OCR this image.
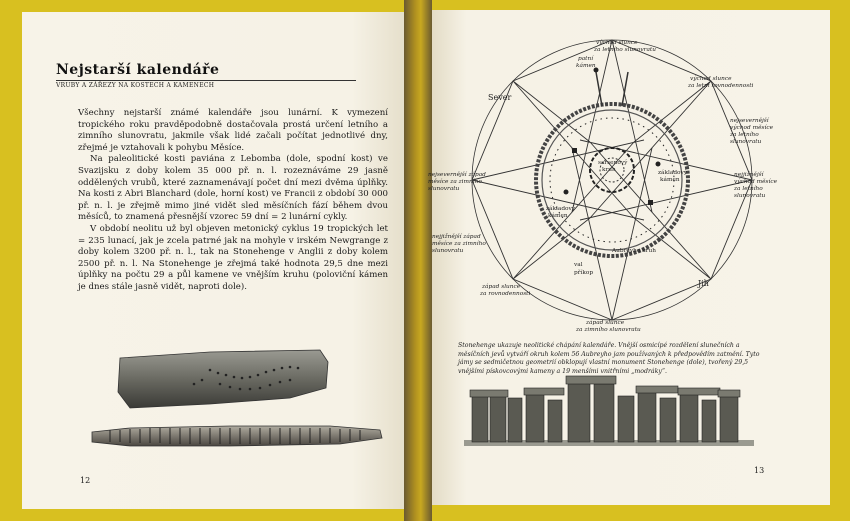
Nejstarší kalendáře
VRUBY A ZÁŘEZY NA KOSTECH A KAMENECH

Všechny nejstarší známé kalendáře jsou lunární. K vymezení tropického roku pravděpodobně dostačovala prostá určení letního a zimního slunovratu, jakmile však lidé začali počítat jednotlivé dny, zřejmé je vztahovali k pohybu Měsíce.

Na paleolitické kosti paviána z Lebomba (dole, spodní kost) ve Svazijsku z doby kolem 35 000 př. n. l. rozeznáváme 29 jasně oddělených vrubů, které zaznamenávají počet dní mezi dvěma úplňky. Na kosti z Abri Blanchard (dole, horní kost) ve Francii z období 30 000 př. n. l. je zřejmě mimo jiné vidět sled měsíčních fází během dvou měsíců, to znamená přesnější vzorec 59 dní = 2 lunární cykly.

V období neolitu už byl objeven metonický cyklus 19 tropických let = 235 lunací, jak je zcela patrné jak na mohyle v irském Newgrange z doby kolem 3200 př. n. l., tak na Stonehenge v Anglii z doby kolem 2500 př. n. l. Na Stonehenge je zřejmá také hodnota 29,5 dne mezi úplňky na počtu 29 a půl kamene ve vnějším kruhu (poloviční kámen je dnes stále jasně vidět, naproti dole).

12
východ slunce za letního slunovratu
patní kámen
Sever
Jih
východ slunce za letní rovnodennosti
nejsevernější východ měsíce za letního slunovratu
nejjižnější východ měsíce za letního slunovratu
nejsevernější západ měsíce za zimního slunovratu
nejjižnější západ měsíce za zimního slunovratu
západ slunce za rovnodennosti
západ slunce za zimního slunovratu
sarsenový kruh	základový kámen
základový kámen
Aubreyho kruh
val
příkop
Stonehenge ukazuje neolitické chápání kalendáře. Vnější osmicípé rozdělení slunečních a měsíčních jevů vytváří okruh kolem 56 Aubreyho jam používaných k předpovědím zatmění. Tyto jámy se sedmičetnou geometrií obklopují vlastní monument Stonehenge (dole), tvořený 29,5 vnějšími pískovcovými kameny a 19 menšími vnitřními „modráky“.
13
